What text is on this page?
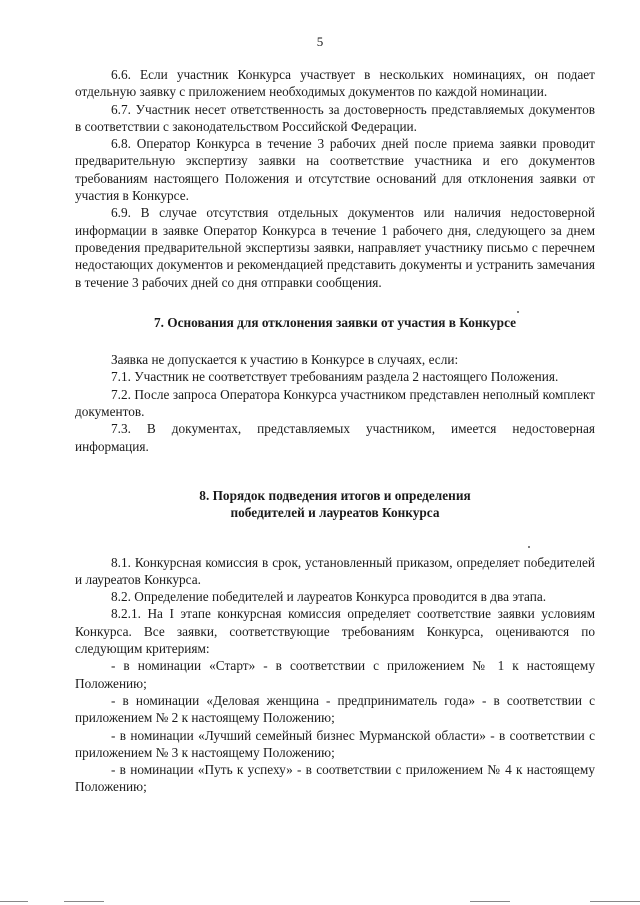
5

6.6. Если участник Конкурса участвует в нескольких номинациях, он подает отдельную заявку с приложением необходимых документов по каждой номинации.

6.7. Участник несет ответственность за достоверность представляемых документов в соответствии с законодательством Российской Федерации.

6.8. Оператор Конкурса в течение 3 рабочих дней после приема заявки проводит предварительную экспертизу заявки на соответствие участника и его документов требованиям настоящего Положения и отсутствие оснований для отклонения заявки от участия в Конкурсе.

6.9. В случае отсутствия отдельных документов или наличия недостоверной информации в заявке Оператор Конкурса в течение 1 рабочего дня, следующего за днем проведения предварительной экспертизы заявки, направляет участнику письмо с перечнем недостающих документов и рекомендацией представить документы и устранить замечания в течение 3 рабочих дней со дня отправки сообщения.

7. Основания для отклонения заявки от участия в Конкурсе

Заявка не допускается к участию в Конкурсе в случаях, если:

7.1. Участник не соответствует требованиям раздела 2 настоящего Положения.

7.2. После запроса Оператора Конкурса участником представлен неполный комплект документов.

7.3. В документах, представляемых участником, имеется недостоверная информация.

8. Порядок подведения итогов и определения
победителей и лауреатов Конкурса

8.1. Конкурсная комиссия в срок, установленный приказом, определяет победителей и лауреатов Конкурса.

8.2. Определение победителей и лауреатов Конкурса проводится в два этапа.

8.2.1. На I этапе конкурсная комиссия определяет соответствие заявки условиям Конкурса. Все заявки, соответствующие требованиям Конкурса, оцениваются по следующим критериям:

- в номинации «Старт» - в соответствии с приложением № 1 к настоящему Положению;

- в номинации «Деловая женщина - предприниматель года» - в соответствии с приложением № 2 к настоящему Положению;

- в номинации «Лучший семейный бизнес Мурманской области» - в соответствии с приложением № 3 к настоящему Положению;

- в номинации «Путь к успеху» - в соответствии с приложением № 4 к настоящему Положению;
